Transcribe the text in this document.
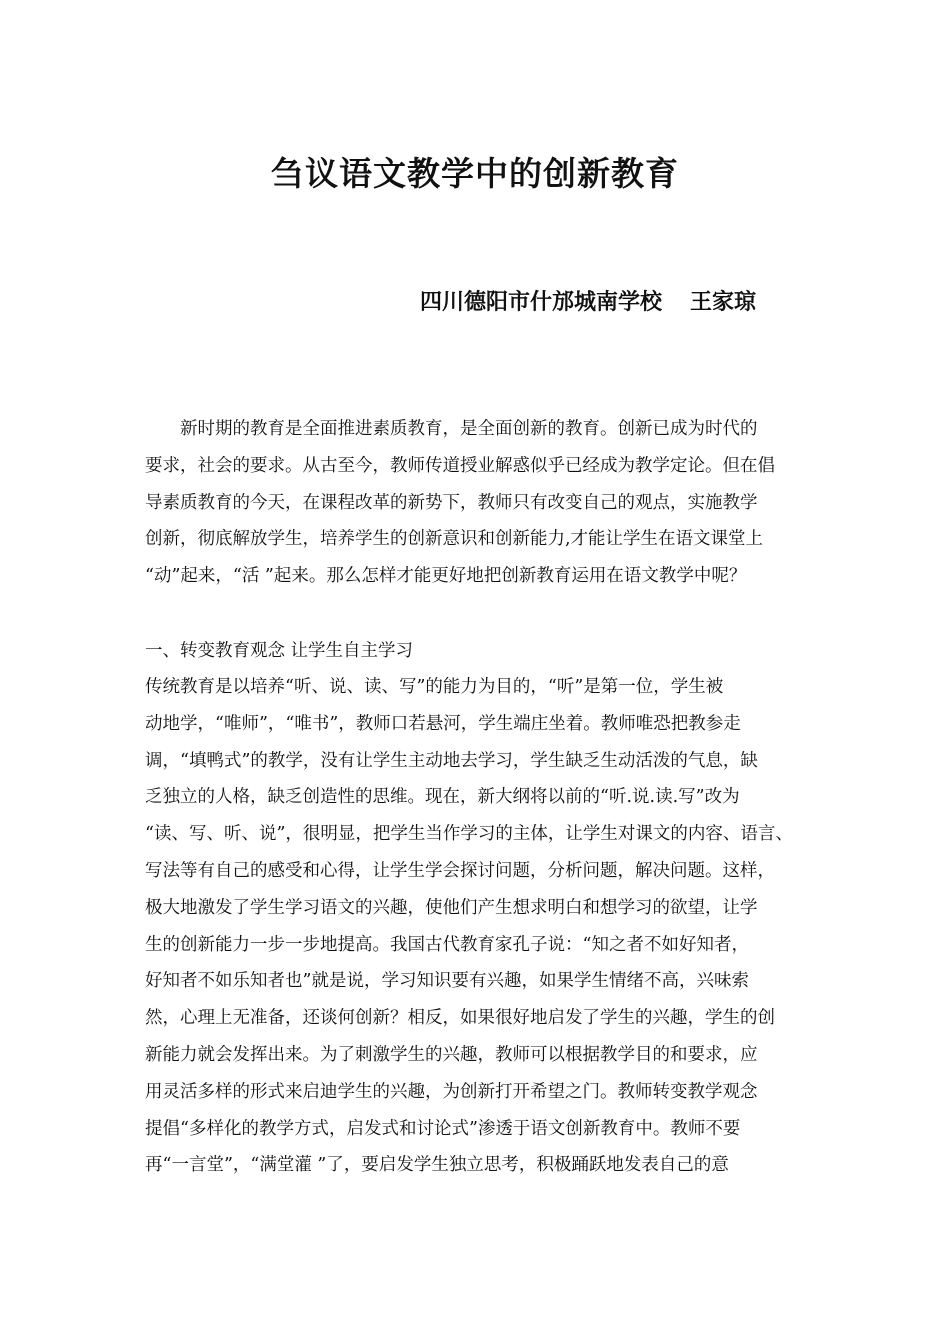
刍议语文教学中的创新教育
四川德阳市什邡城南学校 王家琼
　　新时期的教育是全面推进素质教育，是全面创新的教育。创新已成为时代的
要求，社会的要求。从古至今，教师传道授业解惑似乎已经成为教学定论。但在倡
导素质教育的今天，在课程改革的新势下，教师只有改变自己的观点，实施教学
创新，彻底解放学生，培养学生的创新意识和创新能力,才能让学生在语文课堂上
“动”起来，“活 ”起来。那么怎样才能更好地把创新教育运用在语文教学中呢？
一、转变教育观念 让学生自主学习
传统教育是以培养“听、说、读、写”的能力为目的，“听”是第一位，学生被
动地学，“唯师”，“唯书”，教师口若悬河，学生端庄坐着。教师唯恐把教参走
调，“填鸭式”的教学，没有让学生主动地去学习，学生缺乏生动活泼的气息，缺
乏独立的人格，缺乏创造性的思维。现在，新大纲将以前的“听.说.读.写”改为
“读、写、听、说”，很明显，把学生当作学习的主体，让学生对课文的内容、语言、
写法等有自己的感受和心得，让学生学会探讨问题，分析问题，解决问题。这样，
极大地激发了学生学习语文的兴趣，使他们产生想求明白和想学习的欲望，让学
生的创新能力一步一步地提高。我国古代教育家孔子说：“知之者不如好知者，
好知者不如乐知者也”就是说，学习知识要有兴趣，如果学生情绪不高，兴味索
然，心理上无准备，还谈何创新？相反，如果很好地启发了学生的兴趣，学生的创
新能力就会发挥出来。为了刺激学生的兴趣，教师可以根据教学目的和要求，应
用灵活多样的形式来启迪学生的兴趣，为创新打开希望之门。教师转变教学观念
提倡“多样化的教学方式，启发式和讨论式”渗透于语文创新教育中。教师不要
再“一言堂”，“满堂灌 ”了，要启发学生独立思考，积极踊跃地发表自己的意
